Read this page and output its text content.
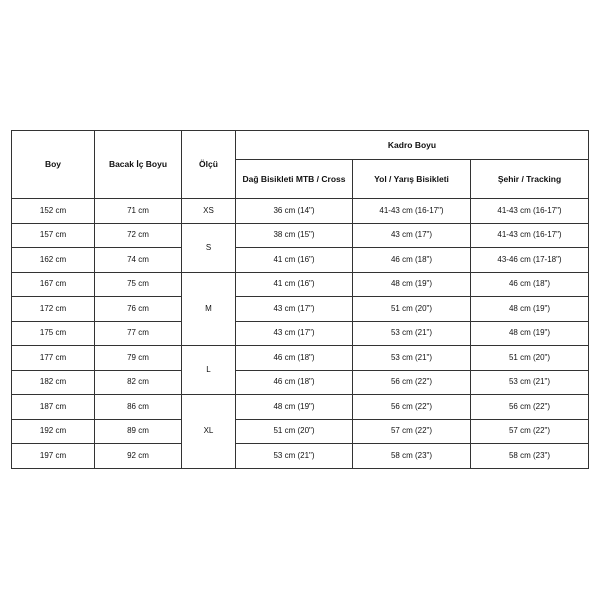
Boy	Bacak İç Boyu	Ölçü	Kadro Boyu		
			Dağ Bisikleti MTB / Cross	Yol / Yarış Bisikleti	Şehir / Tracking
152 cm	71 cm	XS	36 cm (14")	41-43 cm (16-17")	41-43 cm (16-17")
157 cm	72 cm	S	38 cm (15")	43 cm (17")	41-43 cm (16-17")
162 cm	74 cm		41 cm (16")	46 cm (18")	43-46 cm (17-18")
167 cm	75 cm	M	41 cm (16")	48 cm (19")	46 cm (18")
172 cm	76 cm		43 cm (17")	51 cm (20")	48 cm (19")
175 cm	77 cm		43 cm (17")	53 cm (21")	48 cm (19")
177 cm	79 cm	L	46 cm (18")	53 cm (21")	51 cm (20")
182 cm	82 cm		46 cm (18")	56 cm (22")	53 cm (21")
187 cm	86 cm	XL	48 cm (19")	56 cm (22")	56 cm (22")
192 cm	89 cm		51 cm (20")	57 cm (22")	57 cm (22")
197 cm	92 cm		53 cm (21")	58 cm (23")	58 cm (23")
